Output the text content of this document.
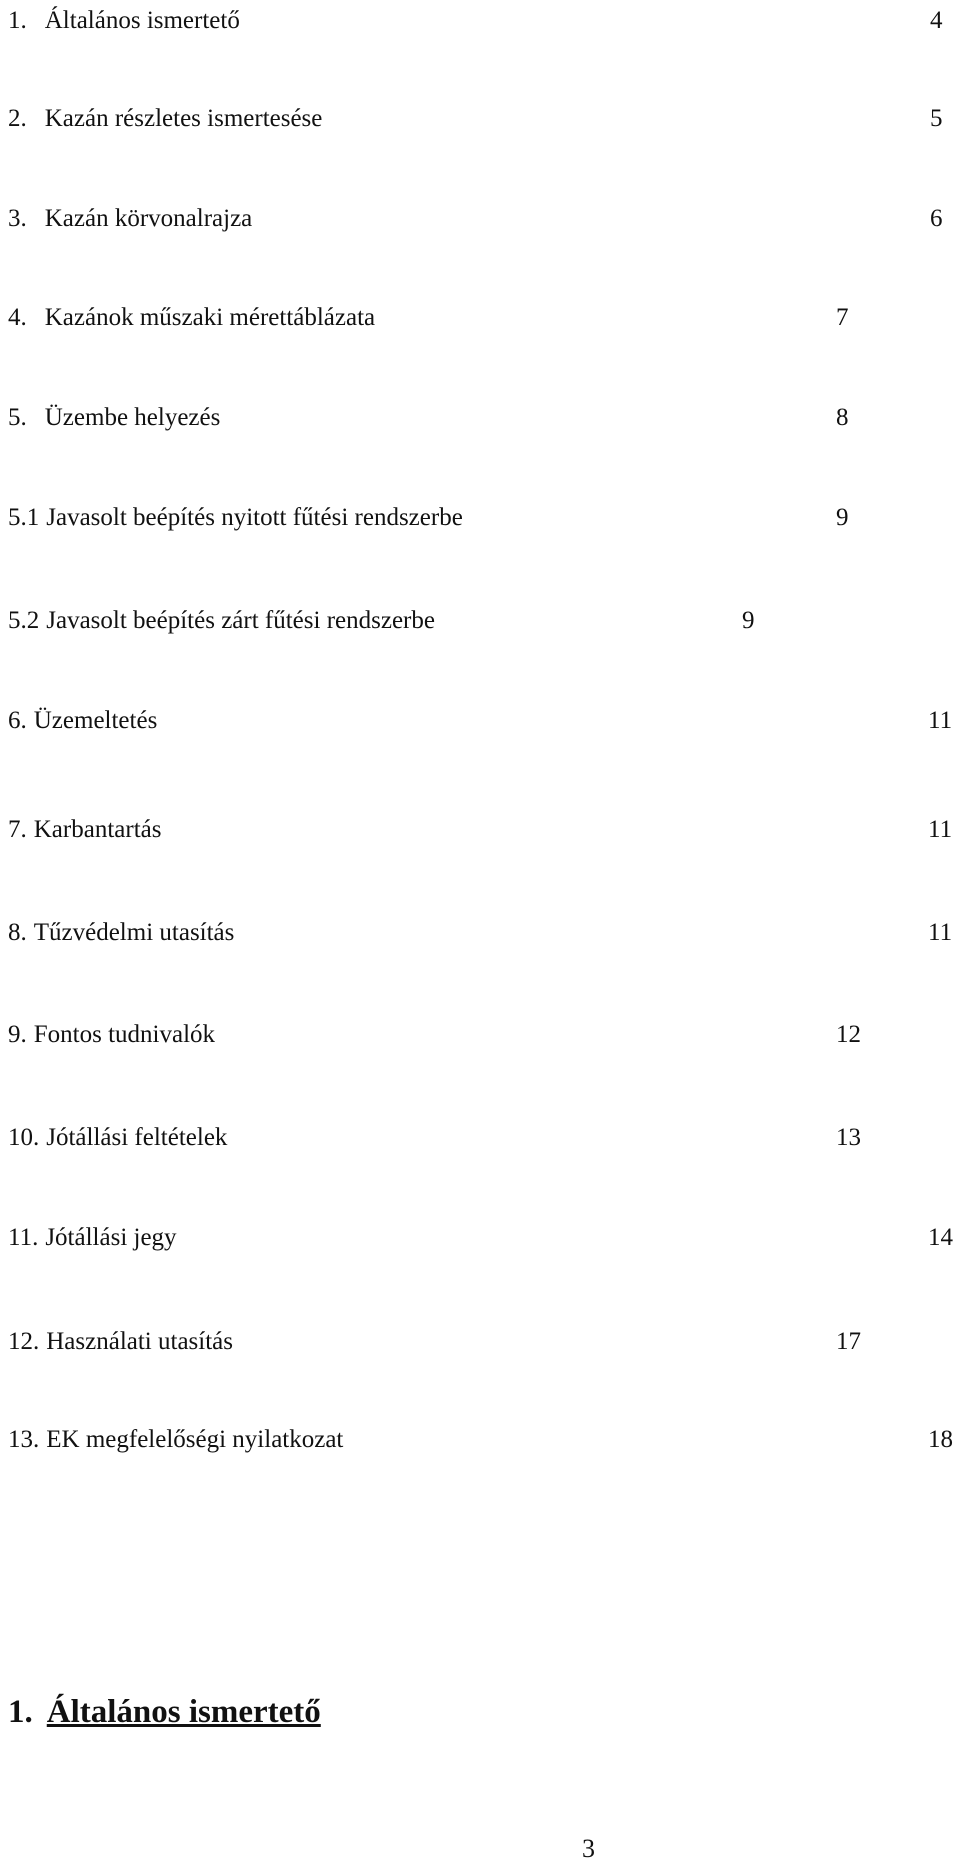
1. Általános ismertető	4
2. Kazán részletes ismertesése	5
3. Kazán körvonalrajza	6
4. Kazánok műszaki mérettáblázata	7
5. Üzembe helyezés	8
5.1 Javasolt beépítés nyitott fűtési rendszerbe	9
5.2 Javasolt beépítés zárt fűtési rendszerbe	9
6. Üzemeltetés	11
7. Karbantartás	11
8. Tűzvédelmi utasítás	11
9. Fontos tudnivalók	12
10. Jótállási feltételek	13
11. Jótállási jegy	14
12. Használati utasítás	17
13. EK megfelelőségi nyilatkozat	18
1. Általános ismertető
3
